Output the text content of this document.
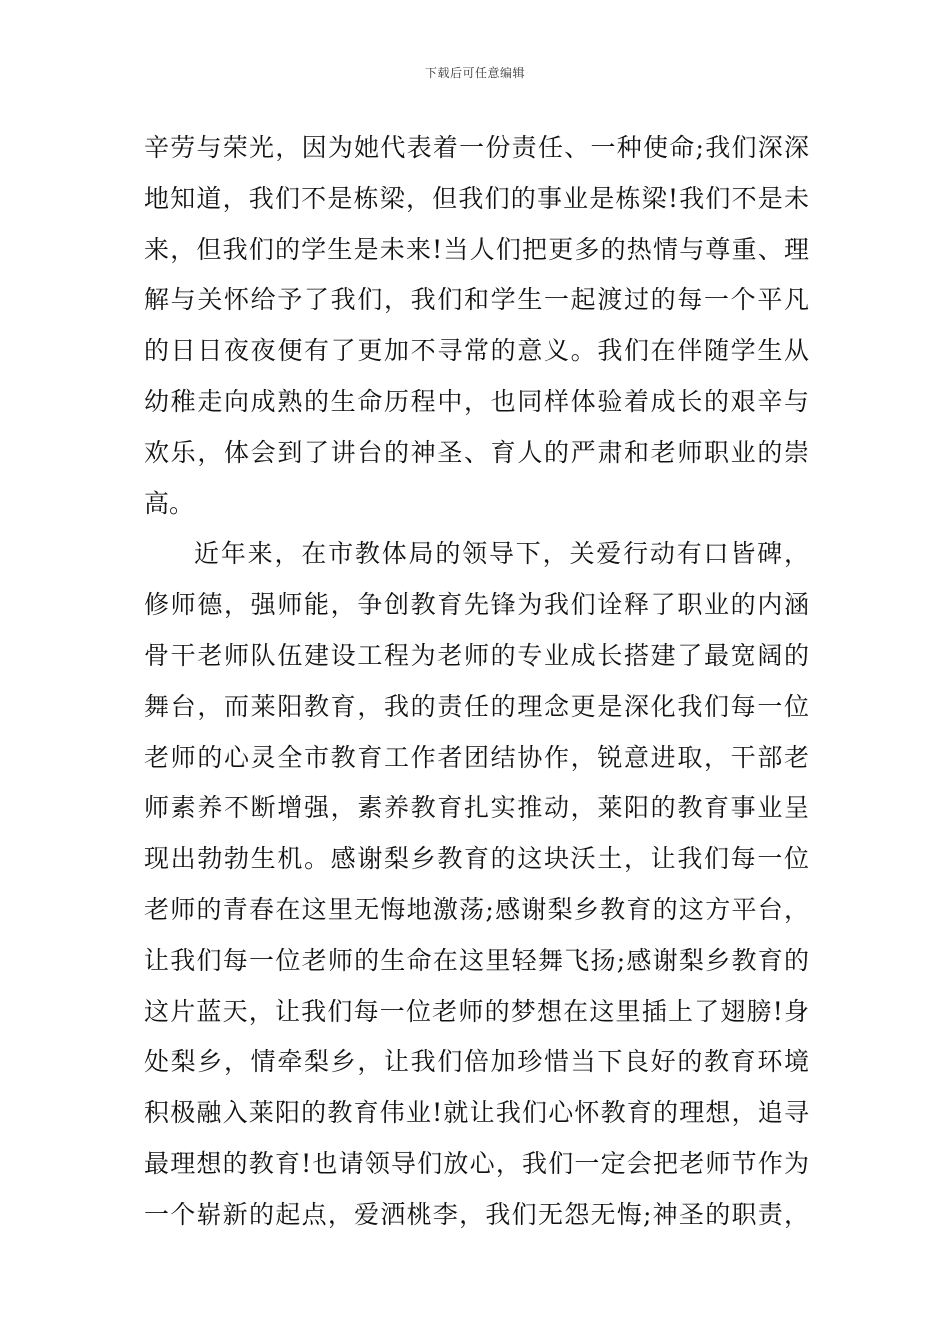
下载后可任意编辑
辛劳与荣光，因为她代表着一份责任、一种使命;我们深深
地知道，我们不是栋梁，但我们的事业是栋梁!我们不是未
来，但我们的学生是未来!当人们把更多的热情与尊重、理
解与关怀给予了我们，我们和学生一起渡过的每一个平凡
的日日夜夜便有了更加不寻常的意义。我们在伴随学生从
幼稚走向成熟的生命历程中，也同样体验着成长的艰辛与
欢乐，体会到了讲台的神圣、育人的严肃和老师职业的崇
高。
近年来，在市教体局的领导下，关爱行动有口皆碑，
修师德，强师能，争创教育先锋为我们诠释了职业的内涵
骨干老师队伍建设工程为老师的专业成长搭建了最宽阔的
舞台，而莱阳教育，我的责任的理念更是深化我们每一位
老师的心灵全市教育工作者团结协作，锐意进取，干部老
师素养不断增强，素养教育扎实推动，莱阳的教育事业呈
现出勃勃生机。感谢梨乡教育的这块沃土，让我们每一位
老师的青春在这里无悔地激荡;感谢梨乡教育的这方平台，
让我们每一位老师的生命在这里轻舞飞扬;感谢梨乡教育的
这片蓝天，让我们每一位老师的梦想在这里插上了翅膀!身
处梨乡，情牵梨乡，让我们倍加珍惜当下良好的教育环境
积极融入莱阳的教育伟业!就让我们心怀教育的理想，追寻
最理想的教育!也请领导们放心，我们一定会把老师节作为
一个崭新的起点，爱洒桃李，我们无怨无悔;神圣的职责，
